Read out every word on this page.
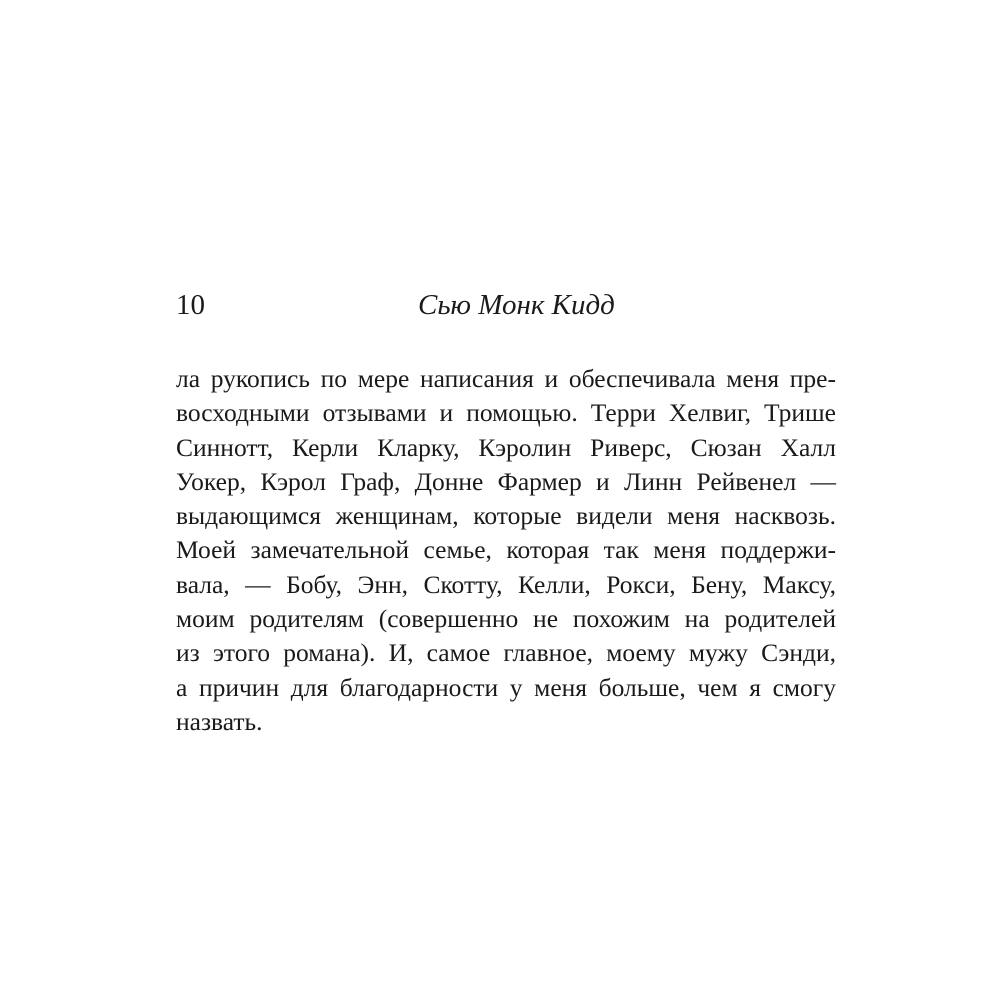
10	Сью Монк Кидд
ла рукопись по мере написания и обеспечивала меня пре-
восходными отзывами и помощью. Терри Хелвиг, Трише
Синнотт, Керли Кларку, Кэролин Риверс, Сюзан Халл
Уокер, Кэрол Граф, Донне Фармер и Линн Рейвенел —
выдающимся женщинам, которые видели меня насквозь.
Моей замечательной семье, которая так меня поддержи-
вала, — Бобу, Энн, Скотту, Келли, Рокси, Бену, Максу,
моим родителям (совершенно не похожим на родителей
из этого романа). И, самое главное, моему мужу Сэнди,
а причин для благодарности у меня больше, чем я смогу
назвать.
